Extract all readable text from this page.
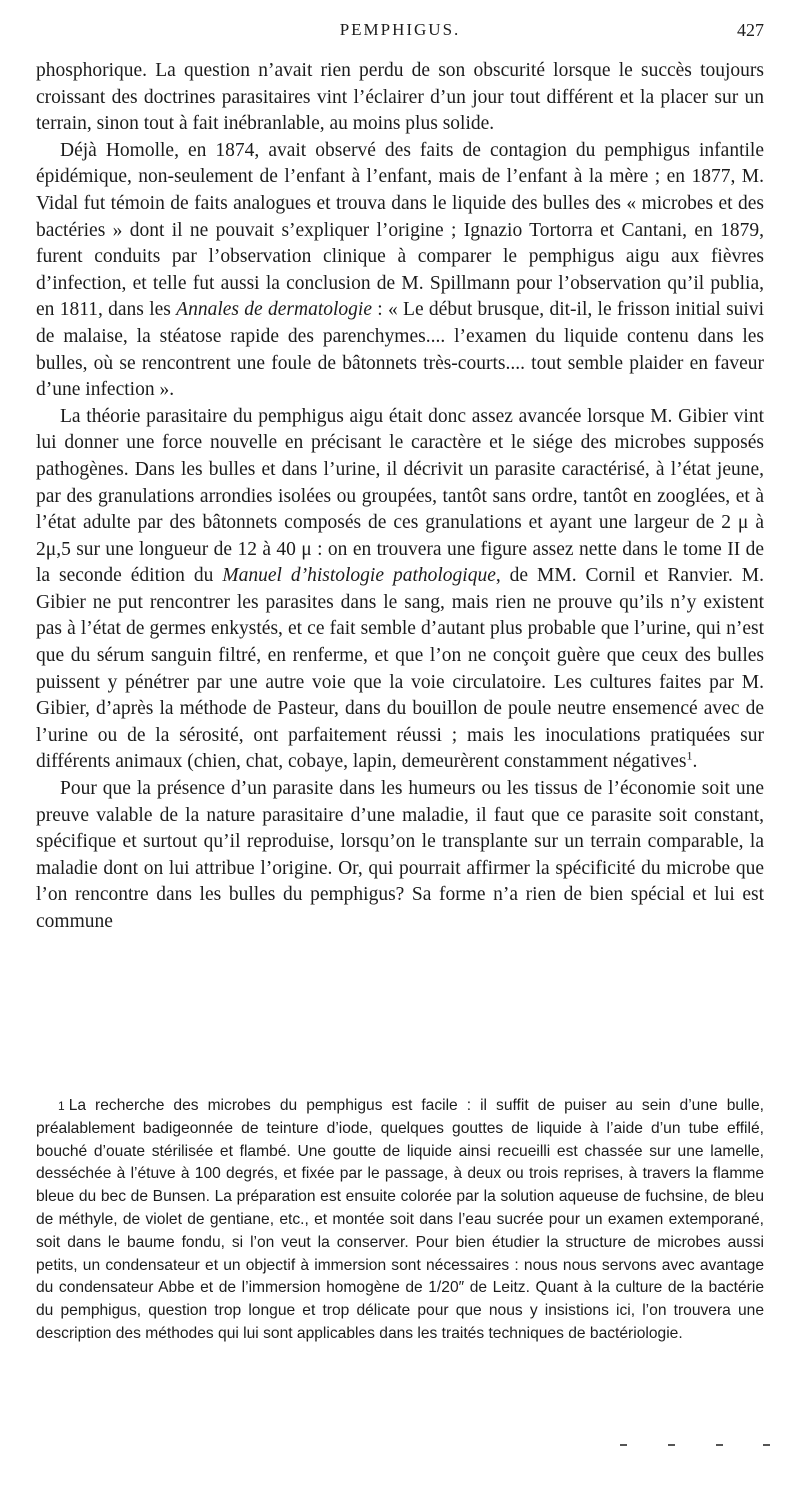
PEMPHIGUS.	427

phosphorique. La question n’avait rien perdu de son obscurité lorsque le succès toujours croissant des doctrines parasitaires vint l’éclairer d’un jour tout différent et la placer sur un terrain, sinon tout à fait inébranlable, au moins plus solide.

Déjà Homolle, en 1874, avait observé des faits de contagion du pemphigus infantile épidémique, non-seulement de l’enfant à l’enfant, mais de l’enfant à la mère ; en 1877, M. Vidal fut témoin de faits analogues et trouva dans le liquide des bulles des « microbes et des bactéries » dont il ne pouvait s’expliquer l’origine ; Ignazio Tortorra et Cantani, en 1879, furent conduits par l’observation clinique à comparer le pemphigus aigu aux fièvres d’infection, et telle fut aussi la conclusion de M. Spillmann pour l’observation qu’il publia, en 1811, dans les Annales de dermatologie : « Le début brusque, dit-il, le frisson initial suivi de malaise, la stéatose rapide des parenchymes.... l’examen du liquide contenu dans les bulles, où se rencontrent une foule de bâtonnets très-courts.... tout semble plaider en faveur d’une infection ».

La théorie parasitaire du pemphigus aigu était donc assez avancée lorsque M. Gibier vint lui donner une force nouvelle en précisant le caractère et le siége des microbes supposés pathogènes. Dans les bulles et dans l’urine, il décrivit un parasite caractérisé, à l’état jeune, par des granulations arrondies isolées ou groupées, tantôt sans ordre, tantôt en zooglées, et à l’état adulte par des bâtonnets composés de ces granulations et ayant une largeur de 2 μ à 2μ,5 sur une longueur de 12 à 40 μ : on en trouvera une figure assez nette dans le tome II de la seconde édition du Manuel d’histologie pathologique, de MM. Cornil et Ranvier. M. Gibier ne put rencontrer les parasites dans le sang, mais rien ne prouve qu’ils n’y existent pas à l’état de germes enkystés, et ce fait semble d’autant plus probable que l’urine, qui n’est que du sérum sanguin filtré, en renferme, et que l’on ne conçoit guère que ceux des bulles puissent y pénétrer par une autre voie que la voie circulatoire. Les cultures faites par M. Gibier, d’après la méthode de Pasteur, dans du bouillon de poule neutre ensemencé avec de l’urine ou de la sérosité, ont parfaitement réussi ; mais les inoculations pratiquées sur différents animaux (chien, chat, cobaye, lapin, demeurèrent constamment négatives$^1$.

Pour que la présence d’un parasite dans les humeurs ou les tissus de l’économie soit une preuve valable de la nature parasitaire d’une maladie, il faut que ce parasite soit constant, spécifique et surtout qu’il reproduise, lorsqu’on le transplante sur un terrain comparable, la maladie dont on lui attribue l’origine. Or, qui pourrait affirmer la spécificité du microbe que l’on rencontre dans les bulles du pemphigus? Sa forme n’a rien de bien spécial et lui est commune

$^1$ La recherche des microbes du pemphigus est facile : il suffit de puiser au sein d’une bulle, préalablement badigeonnée de teinture d’iode, quelques gouttes de liquide à l’aide d’un tube effilé, bouché d’ouate stérilisée et flambé. Une goutte de liquide ainsi recueilli est chassée sur une lamelle, desséchée à l’étuve à 100 degrés, et fixée par le passage, à deux ou trois reprises, à travers la flamme bleue du bec de Bunsen. La préparation est ensuite colorée par la solution aqueuse de fuchsine, de bleu de méthyle, de violet de gentiane, etc., et montée soit dans l’eau sucrée pour un examen extemporané, soit dans le baume fondu, si l’on veut la conserver. Pour bien étudier la structure de microbes aussi petits, un condensateur et un objectif à immersion sont nécessaires : nous nous servons avec avantage du condensateur Abbe et de l’immersion homogène de 1/20″ de Leitz. Quant à la culture de la bactérie du pemphigus, question trop longue et trop délicate pour que nous y insistions ici, l’on trouvera une description des méthodes qui lui sont applicables dans les traités techniques de bactériologie.
